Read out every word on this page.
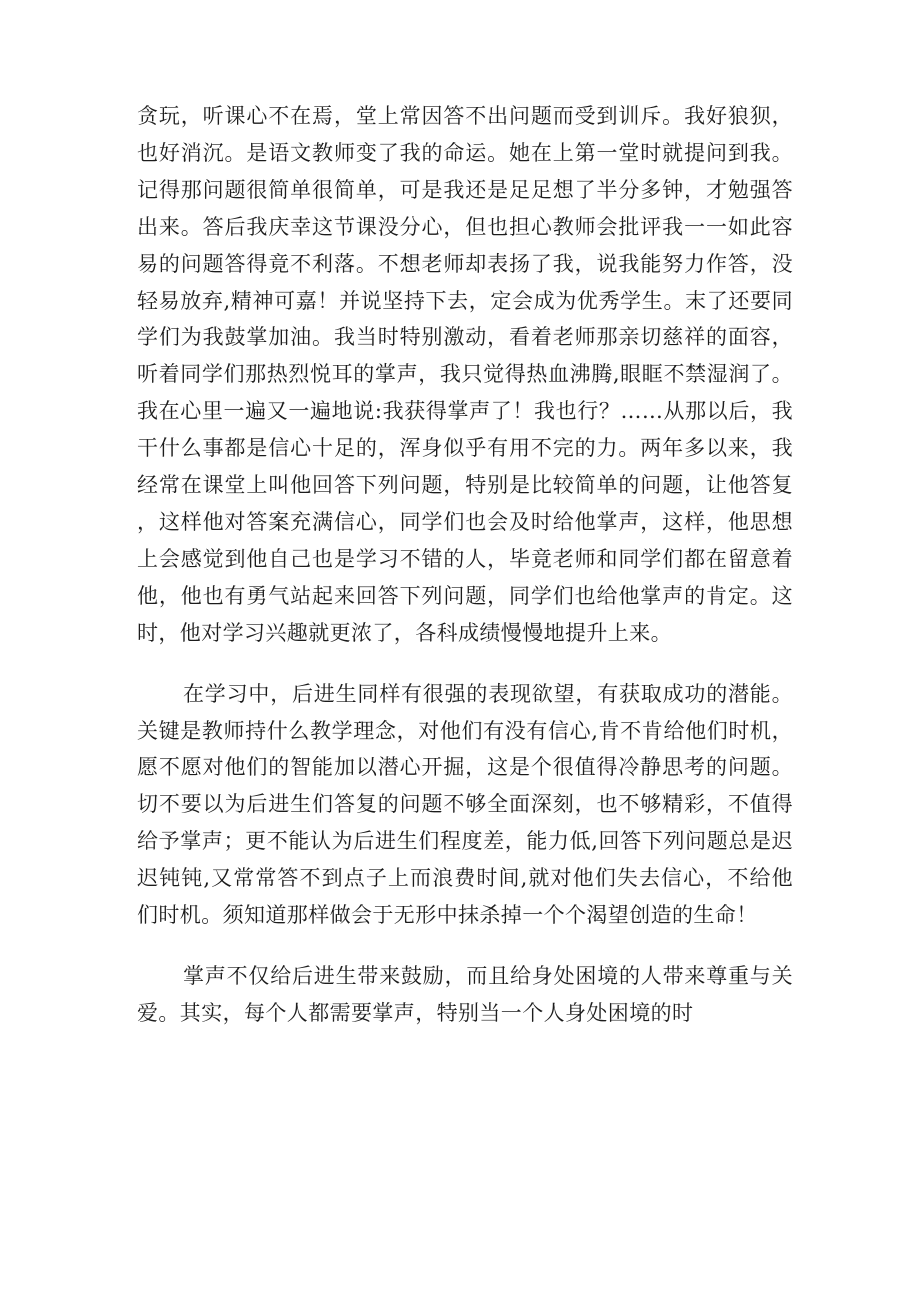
贪玩，听课心不在焉，堂上常因答不出问题而受到训斥。我好狼狈，也好消沉。是语文教师变了我的命运。她在上第一堂时就提问到我。记得那问题很简单很简单，可是我还是足足想了半分多钟，才勉强答出来。答后我庆幸这节课没分心，但也担心教师会批评我一一如此容易的问题答得竟不利落。不想老师却表扬了我，说我能努力作答，没轻易放弃,精神可嘉！并说坚持下去，定会成为优秀学生。末了还要同学们为我鼓掌加油。我当时特别激动，看着老师那亲切慈祥的面容，听着同学们那热烈悦耳的掌声，我只觉得热血沸腾,眼眶不禁湿润了。我在心里一遍又一遍地说:我获得掌声了！我也行？……从那以后，我干什么事都是信心十足的，浑身似乎有用不完的力。两年多以来，我经常在课堂上叫他回答下列问题，特别是比较简单的问题，让他答复，这样他对答案充满信心，同学们也会及时给他掌声，这样，他思想上会感觉到他自己也是学习不错的人，毕竟老师和同学们都在留意着他，他也有勇气站起来回答下列问题，同学们也给他掌声的肯定。这时，他对学习兴趣就更浓了，各科成绩慢慢地提升上来。

在学习中，后进生同样有很强的表现欲望，有获取成功的潜能。关键是教师持什么教学理念，对他们有没有信心,肯不肯给他们时机，愿不愿对他们的智能加以潜心开掘，这是个很值得冷静思考的问题。切不要以为后进生们答复的问题不够全面深刻，也不够精彩，不值得给予掌声；更不能认为后进生们程度差，能力低,回答下列问题总是迟迟钝钝,又常常答不到点子上而浪费时间,就对他们失去信心，不给他们时机。须知道那样做会于无形中抹杀掉一个个渴望创造的生命！

掌声不仅给后进生带来鼓励，而且给身处困境的人带来尊重与关爱。其实，每个人都需要掌声，特别当一个人身处困境的时
